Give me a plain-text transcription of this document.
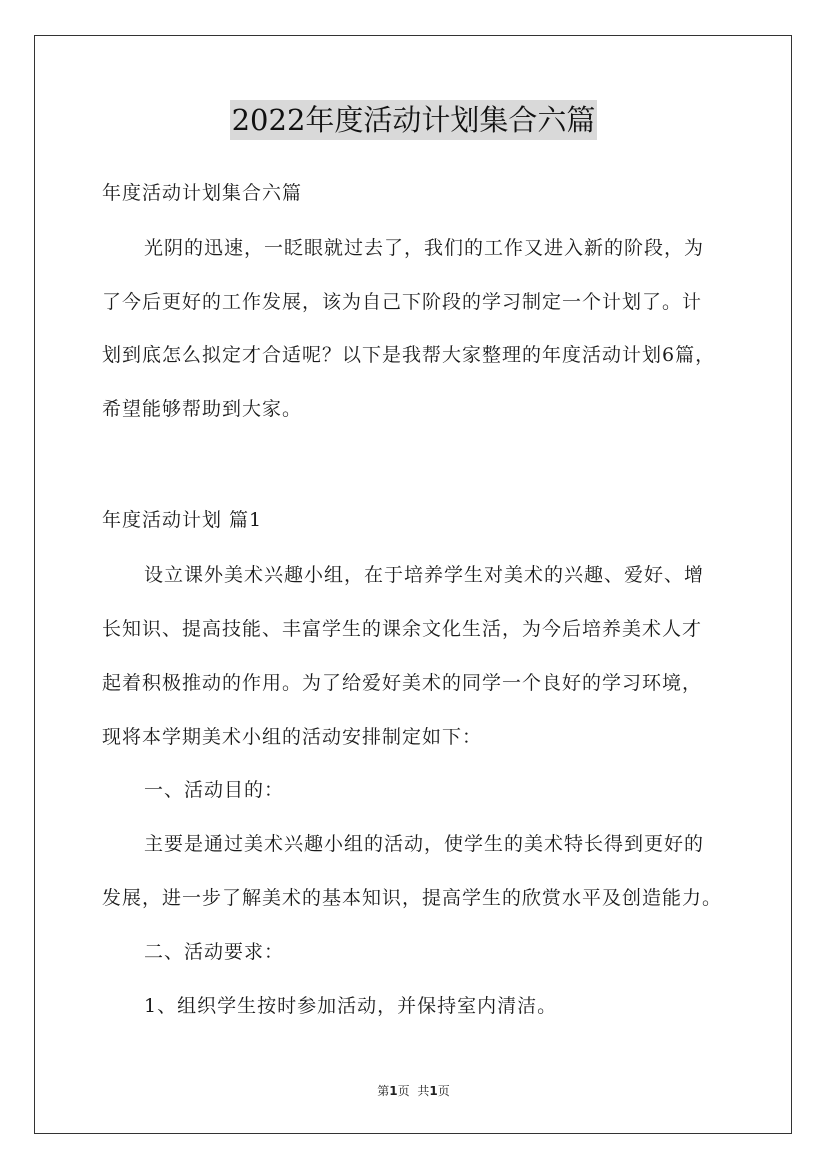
2022年度活动计划集合六篇
年度活动计划集合六篇
光阴的迅速，一眨眼就过去了，我们的工作又进入新的阶段，为
了今后更好的工作发展，该为自己下阶段的学习制定一个计划了。计
划到底怎么拟定才合适呢？以下是我帮大家整理的年度活动计划6篇，
希望能够帮助到大家。
年度活动计划 篇1
设立课外美术兴趣小组，在于培养学生对美术的兴趣、爱好、增
长知识、提高技能、丰富学生的课余文化生活，为今后培养美术人才
起着积极推动的作用。为了给爱好美术的同学一个良好的学习环境，
现将本学期美术小组的活动安排制定如下：
一、活动目的：
主要是通过美术兴趣小组的活动，使学生的美术特长得到更好的
发展，进一步了解美术的基本知识，提高学生的欣赏水平及创造能力。
二、活动要求：
1、组织学生按时参加活动，并保持室内清洁。
第1页 共1页
